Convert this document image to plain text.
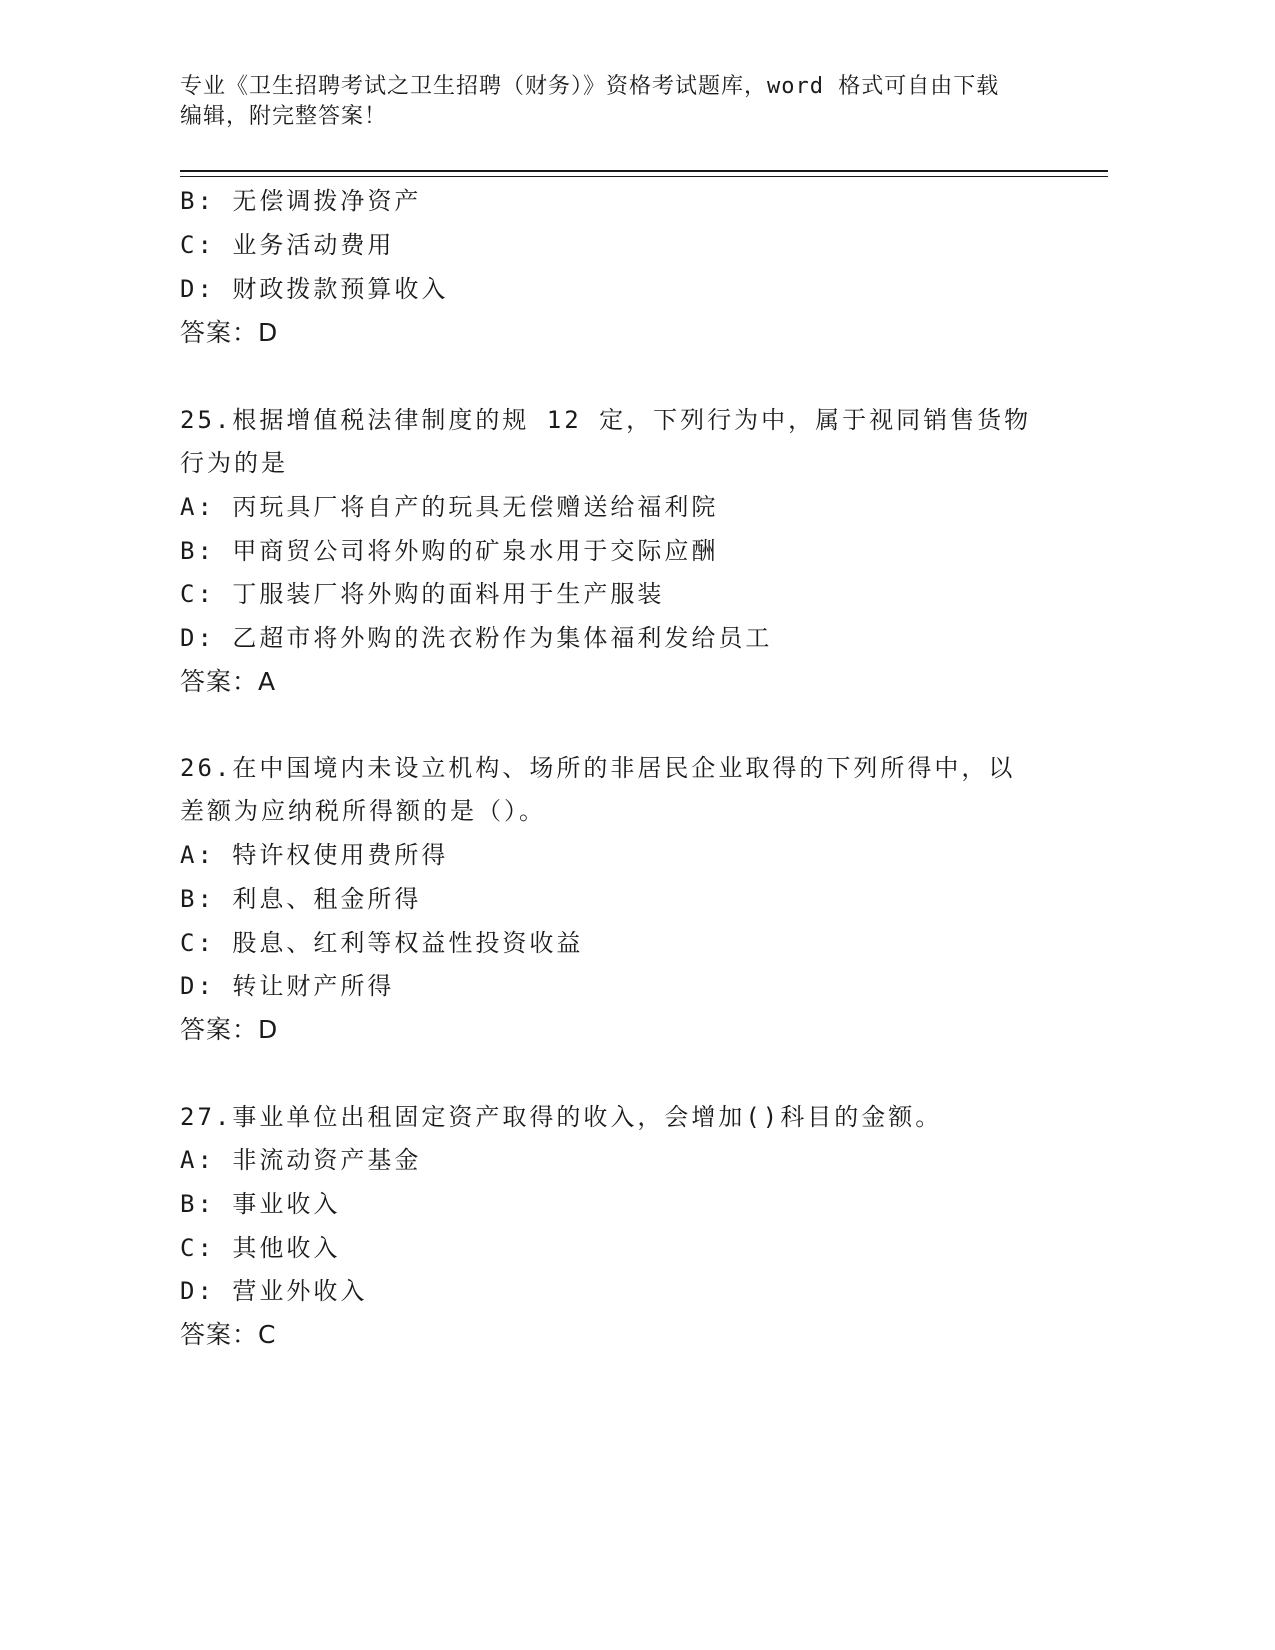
专业《卫生招聘考试之卫生招聘（财务）》资格考试题库，word 格式可自由下载
编辑，附完整答案！
B: 无偿调拨净资产
C: 业务活动费用
D: 财政拨款预算收入
答案：D
25.根据增值税法律制度的规 12 定，下列行为中，属于视同销售货物
行为的是
A: 丙玩具厂将自产的玩具无偿赠送给福利院
B: 甲商贸公司将外购的矿泉水用于交际应酬
C: 丁服装厂将外购的面料用于生产服装
D: 乙超市将外购的洗衣粉作为集体福利发给员工
答案：A
26.在中国境内未设立机构、场所的非居民企业取得的下列所得中，以
差额为应纳税所得额的是（）。
A: 特许权使用费所得
B: 利息、租金所得
C: 股息、红利等权益性投资收益
D: 转让财产所得
答案：D
27.事业单位出租固定资产取得的收入，会增加()科目的金额。
A: 非流动资产基金
B: 事业收入
C: 其他收入
D: 营业外收入
答案：C
